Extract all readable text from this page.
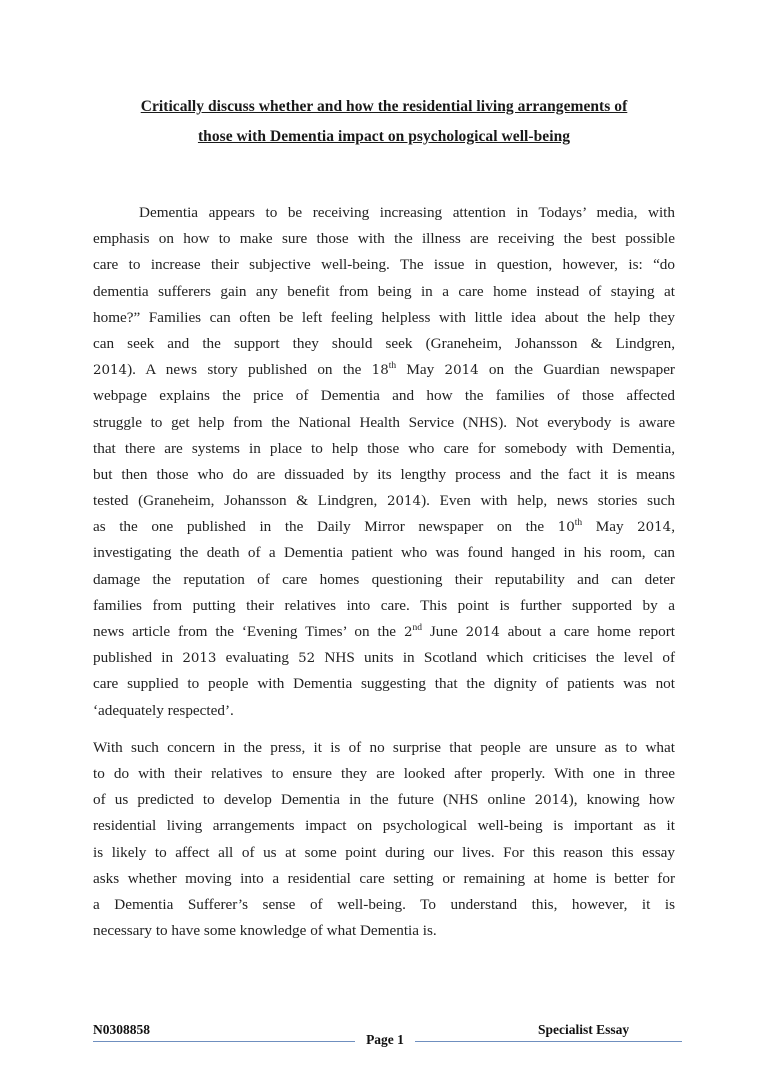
Critically discuss whether and how the residential living arrangements of
those with Dementia impact on psychological well-being
Dementia appears to be receiving increasing attention in Todays’ media, with
emphasis on how to make sure those with the illness are receiving the best possible
care to increase their subjective well-being. The issue in question, however, is: “do
dementia sufferers gain any benefit from being in a care home instead of staying at
home?” Families can often be left feeling helpless with little idea about the help they
can seek and the support they should seek (Graneheim, Johansson & Lindgren,
2014). A news story published on the 18th May 2014 on the Guardian newspaper
webpage explains the price of Dementia and how the families of those affected
struggle to get help from the National Health Service (NHS). Not everybody is aware
that there are systems in place to help those who care for somebody with Dementia,
but then those who do are dissuaded by its lengthy process and the fact it is means
tested (Graneheim, Johansson & Lindgren, 2014). Even with help, news stories such
as the one published in the Daily Mirror newspaper on the 10th May 2014,
investigating the death of a Dementia patient who was found hanged in his room, can
damage the reputation of care homes questioning their reputability and can deter
families from putting their relatives into care. This point is further supported by a
news article from the ‘Evening Times’ on the 2nd June 2014 about a care home report
published in 2013 evaluating 52 NHS units in Scotland which criticises the level of
care supplied to people with Dementia suggesting that the dignity of patients was not
‘adequately respected’.
With such concern in the press, it is of no surprise that people are unsure as to what
to do with their relatives to ensure they are looked after properly. With one in three
of us predicted to develop Dementia in the future (NHS online 2014), knowing how
residential living arrangements impact on psychological well-being is important as it
is likely to affect all of us at some point during our lives. For this reason this essay
asks whether moving into a residential care setting or remaining at home is better for
a Dementia Sufferer’s sense of well-being. To understand this, however, it is
necessary to have some knowledge of what Dementia is.
N0308858	Specialist Essay
Page 1
